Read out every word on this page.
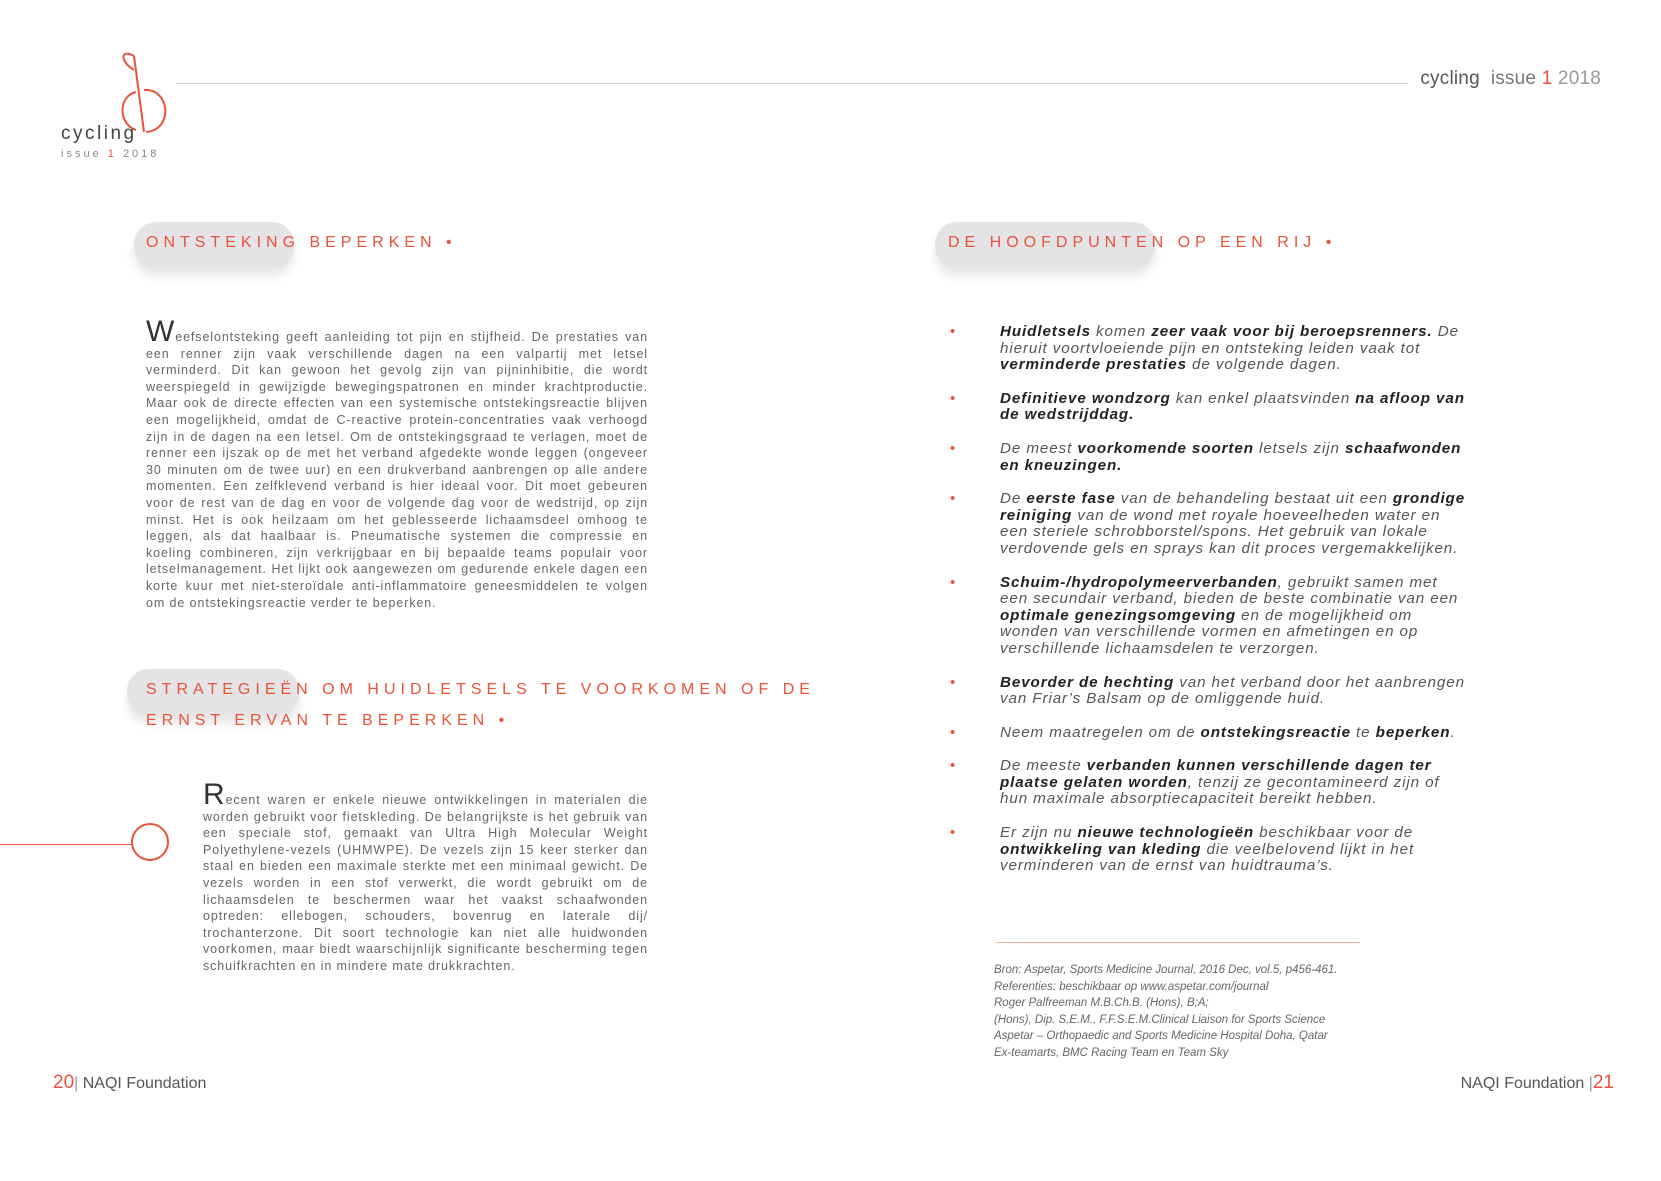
cycling
issue 1 2018
cycling issue 1 2018
ONTSTEKING BEPERKEN •

Weefselontsteking geeft aanleiding tot pijn en stijfheid. De prestaties van een renner zijn vaak verschillende dagen na een valpartij met letsel verminderd. Dit kan gewoon het gevolg zijn van pijninhibitie, die wordt weerspiegeld in gewijzigde bewegingspatronen en minder krachtproductie. Maar ook de directe effecten van een systemische ontstekingsreactie blijven een mogelijkheid, omdat de C-reactive protein-concentraties vaak verhoogd zijn in de dagen na een letsel. Om de ontstekingsgraad te verlagen, moet de renner een ijszak op de met het verband afgedekte wonde leggen (ongeveer 30 minuten om de twee uur) en een drukverband aanbrengen op alle andere momenten. Een zelfklevend verband is hier ideaal voor. Dit moet gebeuren voor de rest van de dag en voor de volgende dag voor de wedstrijd, op zijn minst. Het is ook heilzaam om het geblesseerde lichaamsdeel omhoog te leggen, als dat haalbaar is. Pneumatische systemen die compressie en koeling combineren, zijn verkrijgbaar en bij bepaalde teams populair voor letselmanagement. Het lijkt ook aangewezen om gedurende enkele dagen een korte kuur met niet-steroïdale anti-inflammatoire geneesmiddelen te volgen om de ontstekingsreactie verder te beperken.

STRATEGIEËN OM HUIDLETSELS TE VOORKOMEN OF DE
ERNST ERVAN TE BEPERKEN •

Recent waren er enkele nieuwe ontwikkelingen in materialen die worden gebruikt voor fietskleding. De belangrijkste is het gebruik van een speciale stof, gemaakt van Ultra High Molecular Weight Polyethylene-vezels (UHMWPE). De vezels zijn 15 keer sterker dan staal en bieden een maximale sterkte met een minimaal gewicht. De vezels worden in een stof verwerkt, die wordt gebruikt om de lichaamsdelen te beschermen waar het vaakst schaafwonden optreden: ellebogen, schouders, bovenrug en laterale dij/ trochanterzone. Dit soort technologie kan niet alle huidwonden voorkomen, maar biedt waarschijnlijk significante bescherming tegen schuifkrachten en in mindere mate drukkrachten.

DE HOOFDPUNTEN OP EEN RIJ •
•	Huidletsels komen zeer vaak voor bij beroepsrenners. De hieruit voortvloeiende pijn en ontsteking leiden vaak tot verminderde prestaties de volgende dagen.
•	Definitieve wondzorg kan enkel plaatsvinden na afloop van de wedstrijddag.
•	De meest voorkomende soorten letsels zijn schaafwonden en kneuzingen.
•	De eerste fase van de behandeling bestaat uit een grondige reiniging van de wond met royale hoeveelheden water en een steriele schrobborstel/spons. Het gebruik van lokale verdovende gels en sprays kan dit proces vergemakkelijken.
•	Schuim-/hydropolymeerverbanden, gebruikt samen met een secundair verband, bieden de beste combinatie van een optimale genezingsomgeving en de mogelijkheid om wonden van verschillende vormen en afmetingen en op verschillende lichaamsdelen te verzorgen.
•	Bevorder de hechting van het verband door het aanbrengen van Friar’s Balsam op de omliggende huid.
•	Neem maatregelen om de ontstekingsreactie te beperken.
•	De meeste verbanden kunnen verschillende dagen ter plaatse gelaten worden, tenzij ze gecontamineerd zijn of hun maximale absorptiecapaciteit bereikt hebben.
•	Er zijn nu nieuwe technologieën beschikbaar voor de ontwikkeling van kleding die veelbelovend lijkt in het verminderen van de ernst van huidtrauma’s.
Bron: Aspetar, Sports Medicine Journal, 2016 Dec, vol.5, p456-461.
Referenties: beschikbaar op www.aspetar.com/journal
Roger Palfreeman M.B.Ch.B. (Hons), B;A;
(Hons), Dip. S.E.M., F.F.S.E.M.Clinical Liaison for Sports Science
Aspetar – Orthopaedic and Sports Medicine Hospital Doha, Qatar
Ex-teamarts, BMC Racing Team en Team Sky
20| NAQI Foundation	NAQI Foundation |21
